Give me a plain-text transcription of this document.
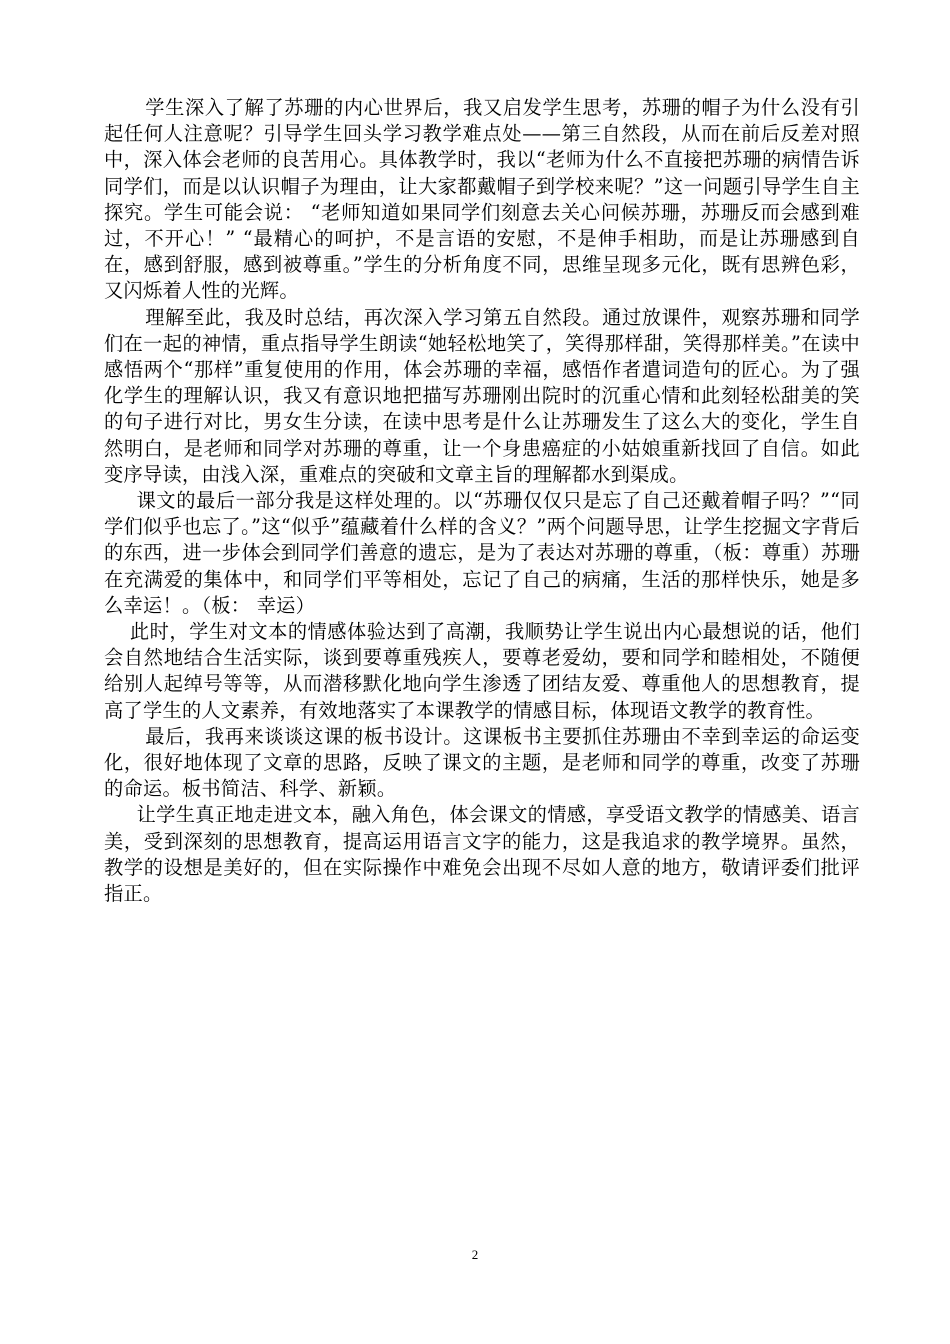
学生深入了解了苏珊的内心世界后，我又启发学生思考，苏珊的帽子为什么没有引起任何人注意呢？引导学生回头学习教学难点处——第三自然段，从而在前后反差对照中，深入体会老师的良苦用心。具体教学时，我以“老师为什么不直接把苏珊的病情告诉同学们，而是以认识帽子为理由，让大家都戴帽子到学校来呢？”这一问题引导学生自主探究。学生可能会说： “老师知道如果同学们刻意去关心问候苏珊，苏珊反而会感到难过，不开心！” “最精心的呵护，不是言语的安慰，不是伸手相助，而是让苏珊感到自在，感到舒服，感到被尊重。”学生的分析角度不同，思维呈现多元化，既有思辨色彩，又闪烁着人性的光辉。

理解至此，我及时总结，再次深入学习第五自然段。通过放课件，观察苏珊和同学们在一起的神情，重点指导学生朗读“她轻松地笑了，笑得那样甜，笑得那样美。”在读中感悟两个“那样”重复使用的作用，体会苏珊的幸福，感悟作者遣词造句的匠心。为了强化学生的理解认识，我又有意识地把描写苏珊刚出院时的沉重心情和此刻轻松甜美的笑的句子进行对比，男女生分读，在读中思考是什么让苏珊发生了这么大的变化，学生自然明白，是老师和同学对苏珊的尊重，让一个身患癌症的小姑娘重新找回了自信。如此变序导读，由浅入深，重难点的突破和文章主旨的理解都水到渠成。

课文的最后一部分我是这样处理的。以“苏珊仅仅只是忘了自己还戴着帽子吗？”“同学们似乎也忘了。”这“似乎”蕴藏着什么样的含义？”两个问题导思，让学生挖掘文字背后的东西，进一步体会到同学们善意的遗忘，是为了表达对苏珊的尊重，（板：尊重）苏珊在充满爱的集体中，和同学们平等相处，忘记了自己的病痛，生活的那样快乐，她是多么幸运！。（板： 幸运）

此时，学生对文本的情感体验达到了高潮，我顺势让学生说出内心最想说的话，他们会自然地结合生活实际，谈到要尊重残疾人，要尊老爱幼，要和同学和睦相处，不随便给别人起绰号等等，从而潜移默化地向学生渗透了团结友爱、尊重他人的思想教育，提高了学生的人文素养，有效地落实了本课教学的情感目标，体现语文教学的教育性。

最后，我再来谈谈这课的板书设计。这课板书主要抓住苏珊由不幸到幸运的命运变化，很好地体现了文章的思路，反映了课文的主题，是老师和同学的尊重，改变了苏珊的命运。板书简洁、科学、新颖。

让学生真正地走进文本，融入角色，体会课文的情感，享受语文教学的情感美、语言美，受到深刻的思想教育，提高运用语言文字的能力，这是我追求的教学境界。虽然，教学的设想是美好的，但在实际操作中难免会出现不尽如人意的地方，敬请评委们批评指正。

2
